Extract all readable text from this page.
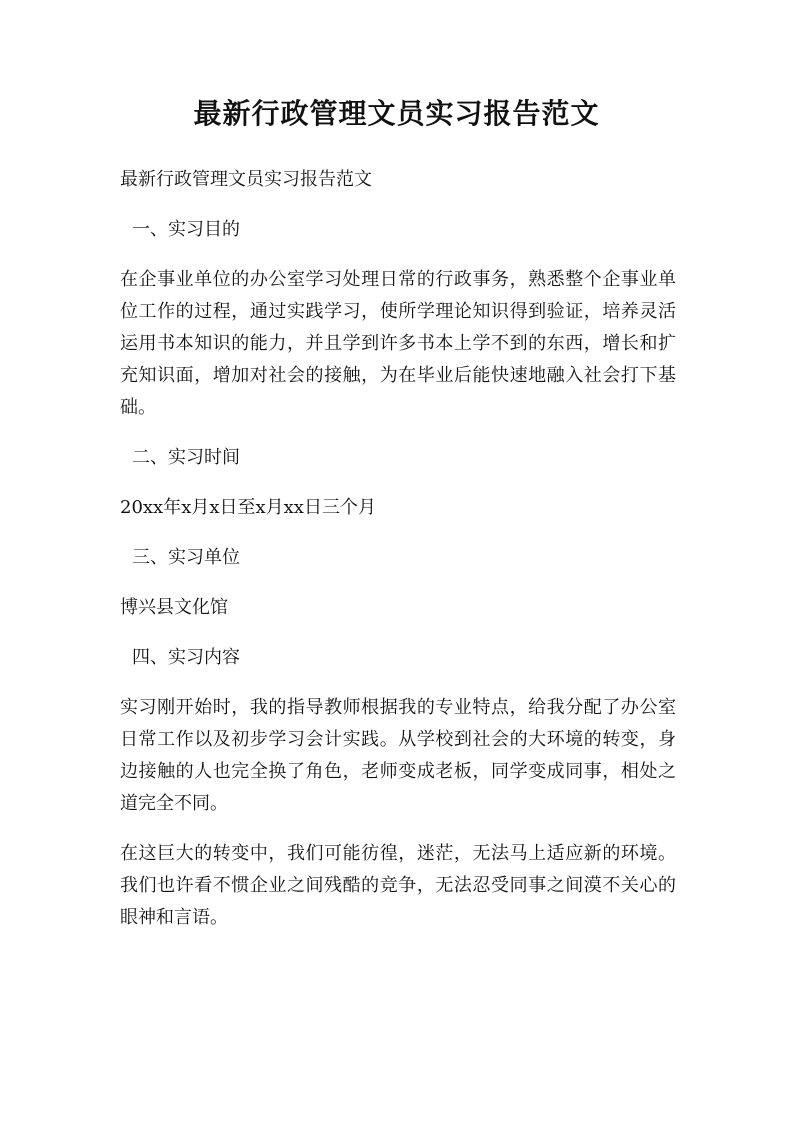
最新行政管理文员实习报告范文

最新行政管理文员实习报告范文

一、实习目的

在企事业单位的办公室学习处理日常的行政事务，熟悉整个企事业单位工作的过程，通过实践学习，使所学理论知识得到验证，培养灵活运用书本知识的能力，并且学到许多书本上学不到的东西，增长和扩充知识面，增加对社会的接触，为在毕业后能快速地融入社会打下基础。

二、实习时间

20xx年x月x日至x月xx日三个月

三、实习单位

博兴县文化馆

四、实习内容

实习刚开始时，我的指导教师根据我的专业特点，给我分配了办公室日常工作以及初步学习会计实践。从学校到社会的大环境的转变，身边接触的人也完全换了角色，老师变成老板，同学变成同事，相处之道完全不同。

在这巨大的转变中，我们可能彷徨，迷茫，无法马上适应新的环境。我们也许看不惯企业之间残酷的竞争，无法忍受同事之间漠不关心的眼神和言语。
